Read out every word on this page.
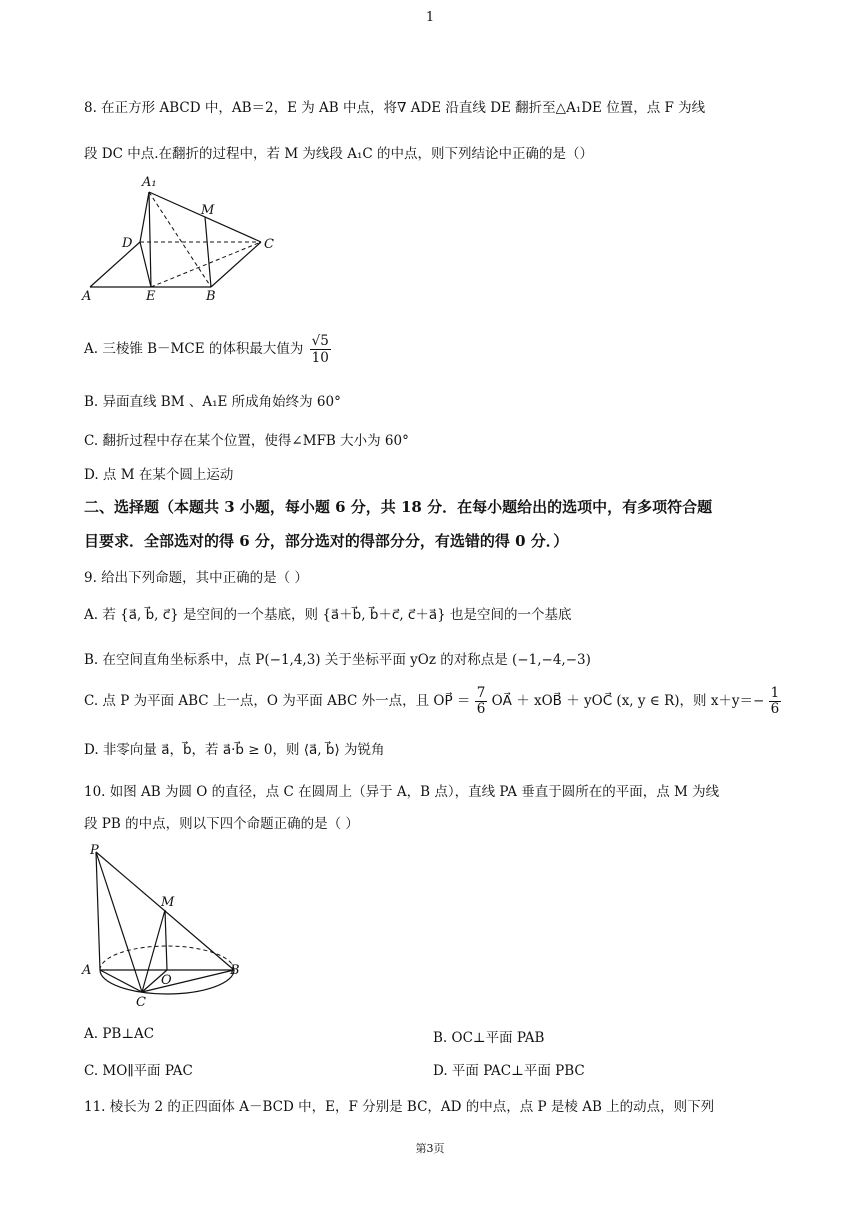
1
8. 在正方形 ABCD 中，AB＝2，E 为 AB 中点，将∇ ADE 沿直线 DE 翻折至△A₁DE 位置，点 F 为线
段 DC 中点.在翻折的过程中，若 M 为线段 A₁C 的中点，则下列结论中正确的是（）
A₁
M
D	C
A	E	B
A. 三棱锥 B－MCE 的体积最大值为 $\frac{√5}{10}$
B. 异面直线 BM 、A₁E 所成角始终为 60°
C. 翻折过程中存在某个位置，使得∠MFB 大小为 60°
D. 点 M 在某个圆上运动
二、选择题（本题共 3 小题，每小题 6 分，共 18 分．在每小题给出的选项中，有多项符合题
目要求．全部选对的得 6 分，部分选对的得部分分，有选错的得 0 分．）
9. 给出下列命题，其中正确的是（ ）
A. 若 {a⃗, b⃗, c⃗} 是空间的一个基底，则 {a⃗＋b⃗, b⃗＋c⃗, c⃗＋a⃗} 也是空间的一个基底
B. 在空间直角坐标系中，点 P(−1,4,3) 关于坐标平面 yOz 的对称点是 (−1,−4,−3)
C. 点 P 为平面 ABC 上一点，O 为平面 ABC 外一点，且 OP⃗ ＝ $\frac{7}{6}$ OA⃗ ＋ xOB⃗ ＋ yOC⃗ (x, y ∈ R)，则 $x+y=- \frac{1}{6}$
D. 非零向量 a⃗，b⃗，若 a⃗·b⃗ ≥ 0，则 ⟨a⃗, b⃗⟩ 为锐角
10. 如图 AB 为圆 O 的直径，点 C 在圆周上（异于 A，B 点），直线 PA 垂直于圆所在的平面，点 M 为线
段 PB 的中点，则以下四个命题正确的是（ ）
P
M
A
O
B
C
A. PB⊥AC	B. OC⊥平面 PAB
C. MO∥平面 PAC	D. 平面 PAC⊥平面 PBC
11. 棱长为 2 的正四面体 A－BCD 中，E，F 分别是 BC，AD 的中点，点 P 是棱 AB 上的动点，则下列
第3页
